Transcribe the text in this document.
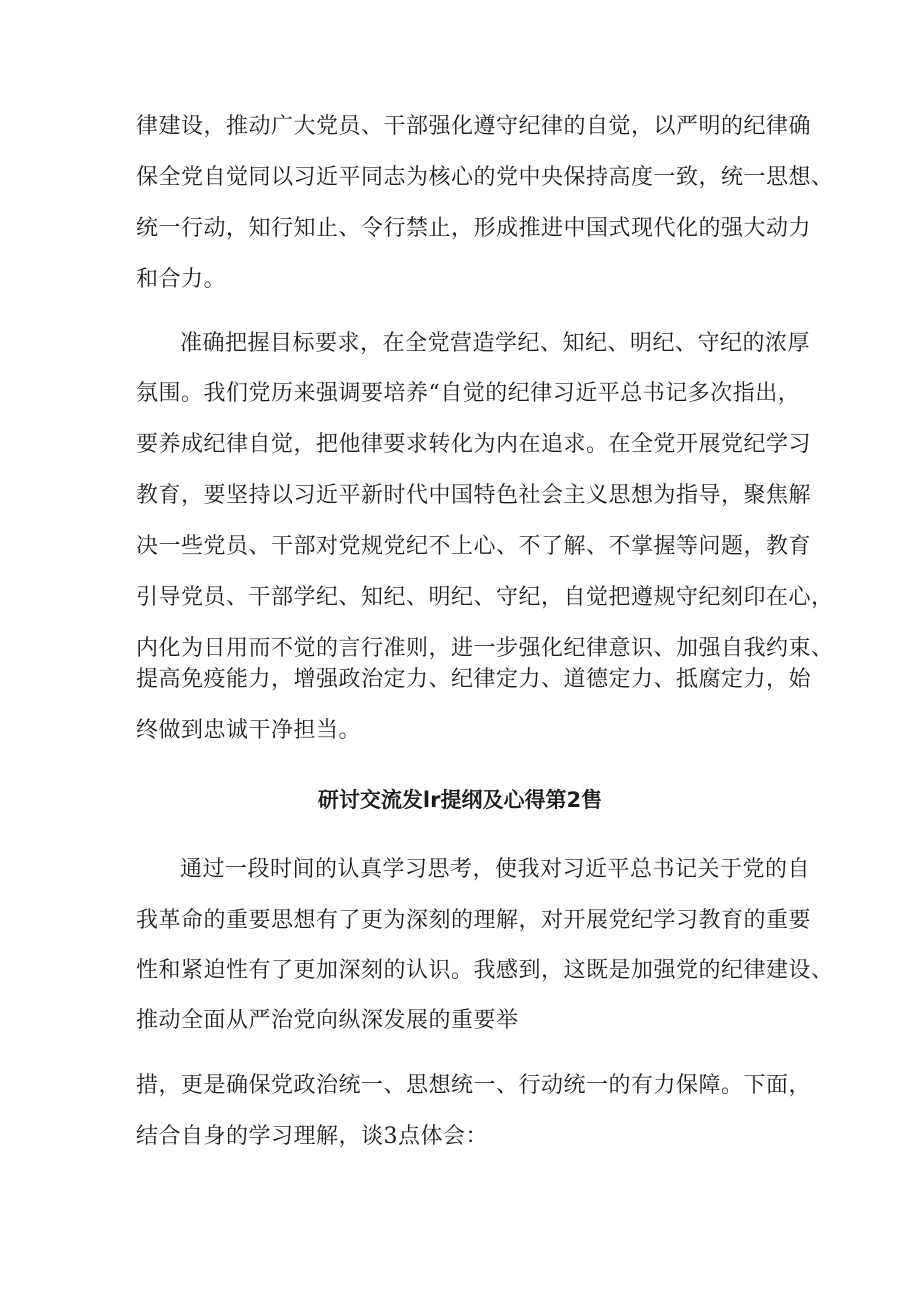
律建设，推动广大党员、干部强化遵守纪律的自觉，以严明的纪律确
保全党自觉同以习近平同志为核心的党中央保持高度一致，统一思想、
统一行动，知行知止、令行禁止，形成推进中国式现代化的强大动力
和合力。
准确把握目标要求，在全党营造学纪、知纪、明纪、守纪的浓厚
氛围。我们党历来强调要培养“自觉的纪律习近平总书记多次指出，
要养成纪律自觉，把他律要求转化为内在追求。在全党开展党纪学习
教育，要坚持以习近平新时代中国特色社会主义思想为指导，聚焦解
决一些党员、干部对党规党纪不上心、不了解、不掌握等问题，教育
引导党员、干部学纪、知纪、明纪、守纪，自觉把遵规守纪刻印在心，
内化为日用而不觉的言行准则，进一步强化纪律意识、加强自我约束、
提高免疫能力，增强政治定力、纪律定力、道德定力、抵腐定力，始
终做到忠诚干净担当。
研讨交流发lr提纲及心得第2售
通过一段时间的认真学习思考，使我对习近平总书记关于党的自
我革命的重要思想有了更为深刻的理解，对开展党纪学习教育的重要
性和紧迫性有了更加深刻的认识。我感到，这既是加强党的纪律建设、
推动全面从严治党向纵深发展的重要举
措，更是确保党政治统一、思想统一、行动统一的有力保障。下面，
结合自身的学习理解，谈3点体会：
